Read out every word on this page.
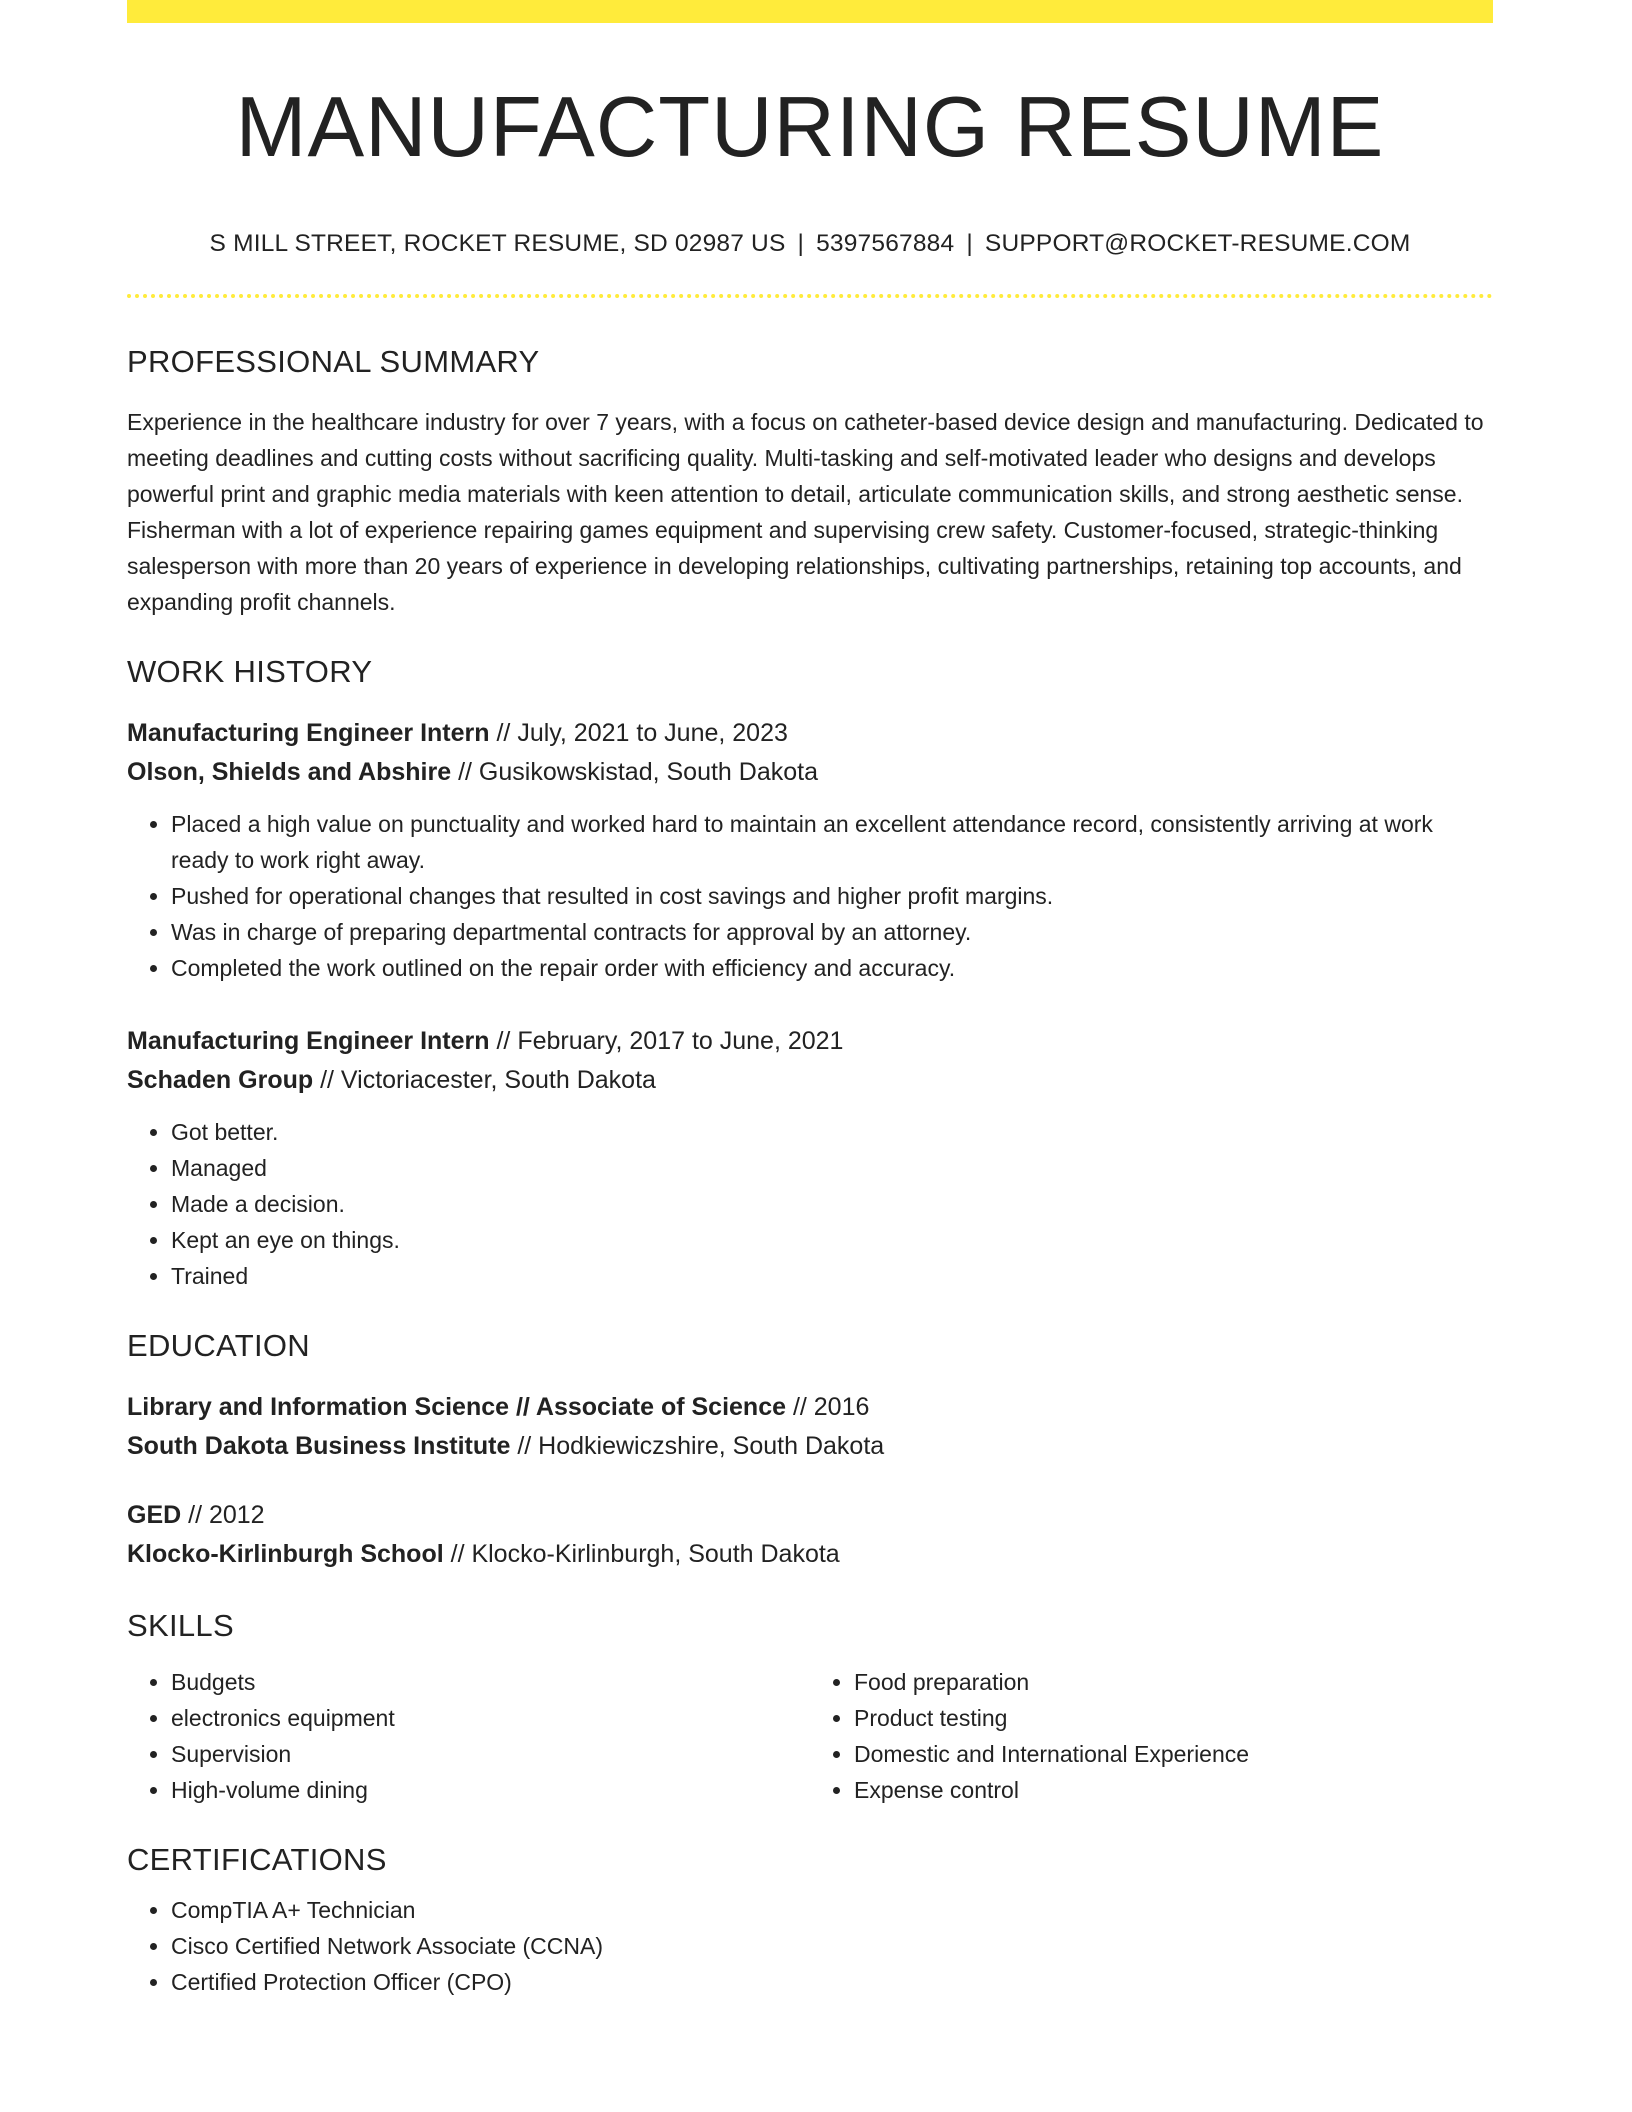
MANUFACTURING RESUME
S MILL STREET, ROCKET RESUME, SD 02987 US | 5397567884 | SUPPORT@ROCKET-RESUME.COM
PROFESSIONAL SUMMARY
Experience in the healthcare industry for over 7 years, with a focus on catheter-based device design and manufacturing. Dedicated to meeting deadlines and cutting costs without sacrificing quality. Multi-tasking and self-motivated leader who designs and develops powerful print and graphic media materials with keen attention to detail, articulate communication skills, and strong aesthetic sense. Fisherman with a lot of experience repairing games equipment and supervising crew safety. Customer-focused, strategic-thinking salesperson with more than 20 years of experience in developing relationships, cultivating partnerships, retaining top accounts, and expanding profit channels.
WORK HISTORY
Manufacturing Engineer Intern // July, 2021 to June, 2023
Olson, Shields and Abshire // Gusikowskistad, South Dakota
• Placed a high value on punctuality and worked hard to maintain an excellent attendance record, consistently arriving at work ready to work right away.
• Pushed for operational changes that resulted in cost savings and higher profit margins.
• Was in charge of preparing departmental contracts for approval by an attorney.
• Completed the work outlined on the repair order with efficiency and accuracy.
Manufacturing Engineer Intern // February, 2017 to June, 2021
Schaden Group // Victoriacester, South Dakota
• Got better.
• Managed
• Made a decision.
• Kept an eye on things.
• Trained
EDUCATION
Library and Information Science // Associate of Science // 2016
South Dakota Business Institute // Hodkiewiczshire, South Dakota
GED // 2012
Klocko-Kirlinburgh School // Klocko-Kirlinburgh, South Dakota
SKILLS
• Budgets
• electronics equipment
• Supervision
• High-volume dining
• Food preparation
• Product testing
• Domestic and International Experience
• Expense control
CERTIFICATIONS
• CompTIA A+ Technician
• Cisco Certified Network Associate (CCNA)
• Certified Protection Officer (CPO)
